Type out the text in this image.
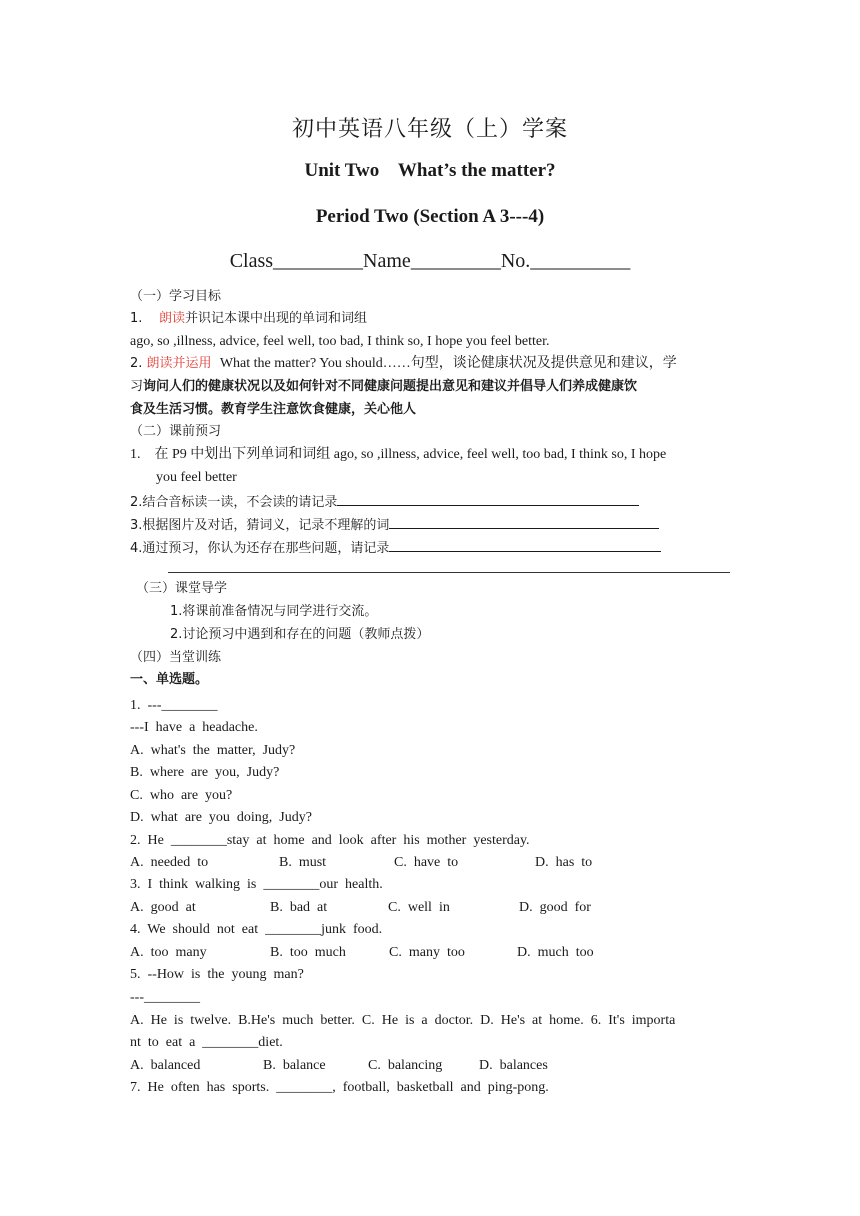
初中英语八年级（上）学案
Unit Two    What’s the matter?
Period Two (Section A 3---4)
Class_________Name_________No.__________
（一）学习目标
1. 朗读并识记本课中出现的单词和词组
ago, so ,illness, advice, feel well, too bad, I think so, I hope you feel better.
2. 朗读并运用 What the matter? You should……句型，谈论健康状况及提供意见和建议，学
习询问人们的健康状况以及如何针对不同健康问题提出意见和建议并倡导人们养成健康饮
食及生活习惯。教育学生注意饮食健康，关心他人
（二）课前预习
1.    在 P9 中划出下列单词和词组 ago, so ,illness, advice, feel well, too bad, I think so, I hope
you feel better
2.结合音标读一读，不会读的请记录
3.根据图片及对话，猜词义，记录不理解的词
4.通过预习，你认为还存在那些问题，请记录
（三）课堂导学
1.将课前准备情况与同学进行交流。
2.讨论预习中遇到和存在的问题（教师点拨）
（四）当堂训练
一、单选题。
1.  ---________
---I  have  a  headache.
A.  what's  the  matter,  Judy?
B.  where  are  you,  Judy?
C.  who  are  you?
D.  what  are  you  doing,  Judy?
2.  He  ________stay  at  home  and  look  after  his  mother  yesterday.
A.  needed  to	B.  must	C.  have  to	D.  has  to
3.  I  think  walking  is  ________our  health.
A.  good  at	B.  bad  at	C.  well  in	D.  good  for
4.  We  should  not  eat  ________junk  food.
A.  too  many	B.  too  much	C.  many  too	D.  much  too
5.  --How  is  the  young  man?
---________
A.  He  is  twelve.  B.He's  much  better.  C.  He  is  a  doctor.  D.  He's  at  home.  6.  It's  importa
nt  to  eat  a  ________diet.
A.  balanced	B.  balance	C.  balancing	D.  balances
7.  He  often  has  sports.  ________,  football,  basketball  and  ping-pong.
